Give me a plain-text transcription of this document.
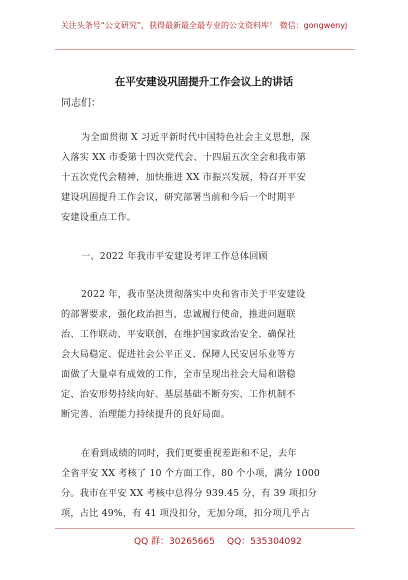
关注头条号“公文研究”，获得最新最全最专业的公文资料库！ 微信：gongwenyj
在平安建设巩固提升工作会议上的讲话
同志们：
为全面贯彻 X 习近平新时代中国特色社会主义思想，深
入落实 XX 市委第十四次党代会、十四届五次全会和我市第
十五次党代会精神，加快推进 XX 市振兴发展，特召开平安
建设巩固提升工作会议，研究部署当前和今后一个时期平
安建设重点工作。
一、2022 年我市平安建设考评工作总体回顾
2022 年，我市坚决贯彻落实中央和省市关于平安建设
的部署要求，强化政治担当，忠诚履行使命，推进问题联
治、工作联动、平安联创，在维护国家政治安全、确保社
会大局稳定、促进社会公平正义、保障人民安居乐业等方
面做了大量卓有成效的工作，全市呈现出社会大局和谐稳
定、治安形势持续向好、基层基础不断夯实、工作机制不
断完善、治理能力持续提升的良好局面。
在看到成绩的同时，我们更要重视差距和不足，去年
全省平安 XX 考核了 10 个方面工作，80 个小项，满分 1000
分。我市在平安 XX 考核中总得分 939.45 分，有 39 项扣分
项，占比 49%，有 41 项没扣分，无加分项，扣分项几乎占
QQ 群：30265665 QQ：535304092
